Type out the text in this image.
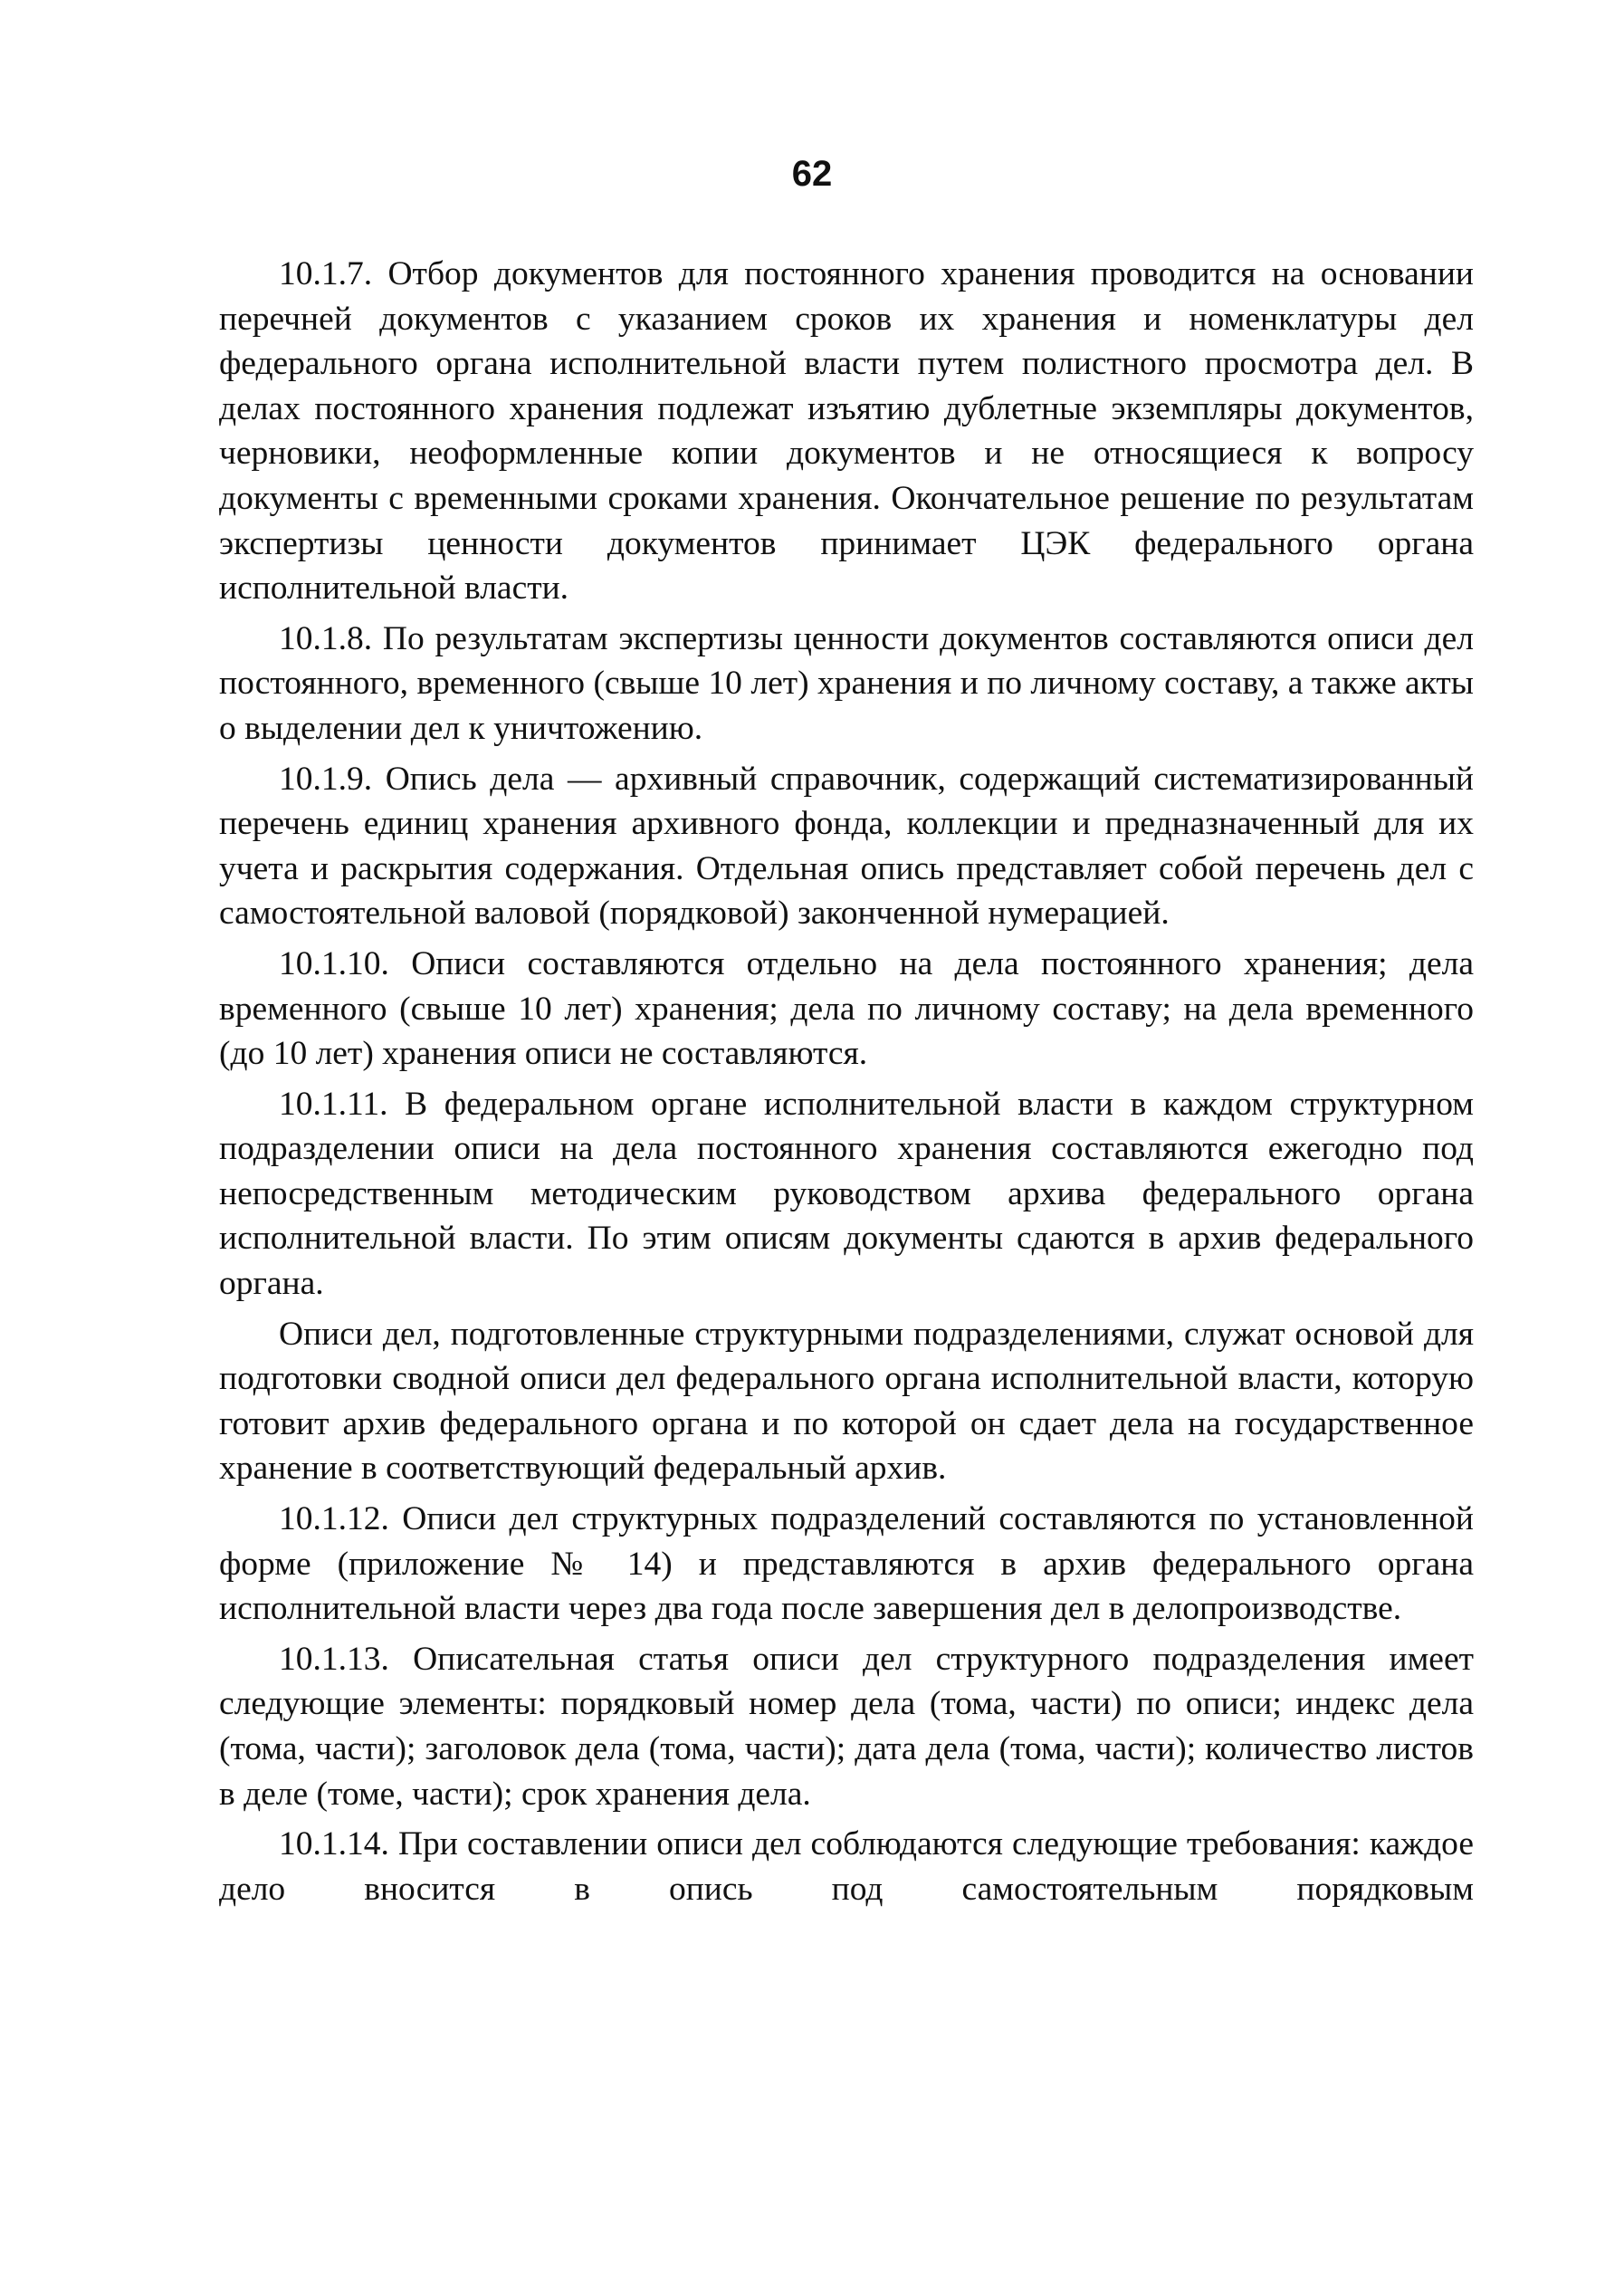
62

10.1.7. Отбор документов для постоянного хранения проводится на основании перечней документов с указанием сроков их хранения и номенклатуры дел федерального органа исполнительной власти путем полистного просмотра дел. В делах постоянного хранения подлежат изъятию дублетные экземпляры документов, черновики, неоформленные копии документов и не относящиеся к вопросу документы с временными сроками хранения. Окончательное решение по результатам экспертизы ценности документов принимает ЦЭК федерального органа исполнительной власти.

10.1.8. По результатам экспертизы ценности документов составляются описи дел постоянного, временного (свыше 10 лет) хранения и по личному составу, а также акты о выделении дел к уничтожению.

10.1.9. Опись дела — архивный справочник, содержащий систематизированный перечень единиц хранения архивного фонда, коллекции и предназначенный для их учета и раскрытия содержания. Отдельная опись представляет собой перечень дел с самостоятельной валовой (порядковой) законченной нумерацией.

10.1.10. Описи составляются отдельно на дела постоянного хранения; дела временного (свыше 10 лет) хранения; дела по личному составу; на дела временного (до 10 лет) хранения описи не составляются.

10.1.11. В федеральном органе исполнительной власти в каждом структурном подразделении описи на дела постоянного хранения составляются ежегодно под непосредственным методическим руководством архива федерального органа исполнительной власти. По этим описям документы сдаются в архив федерального органа.

Описи дел, подготовленные структурными подразделениями, служат основой для подготовки сводной описи дел федерального органа исполнительной власти, которую готовит архив федерального органа и по которой он сдает дела на государственное хранение в соответствующий федеральный архив.

10.1.12. Описи дел структурных подразделений составляются по установленной форме (приложение № 14) и представляются в архив федерального органа исполнительной власти через два года после завершения дел в делопроизводстве.

10.1.13. Описательная статья описи дел структурного подразделения имеет следующие элементы: порядковый номер дела (тома, части) по описи; индекс дела (тома, части); заголовок дела (тома, части); дата дела (тома, части); количество листов в деле (томе, части); срок хранения дела.

10.1.14. При составлении описи дел соблюдаются следующие требования: каждое дело вносится в опись под самостоятельным порядковым
